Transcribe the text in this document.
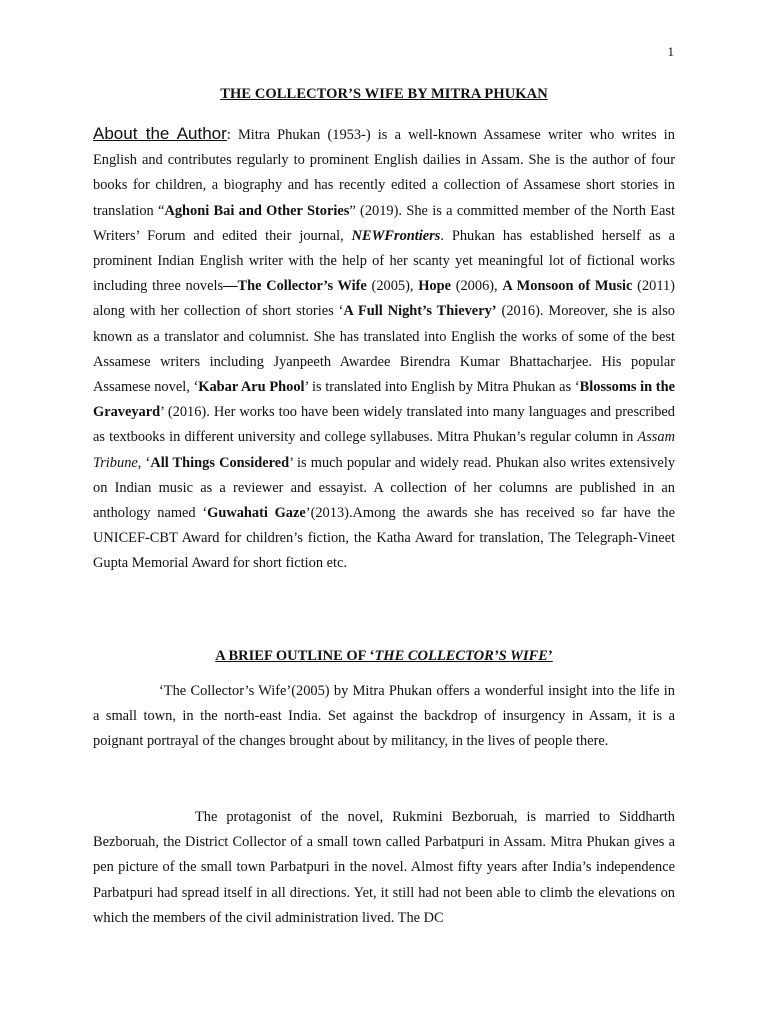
1
THE COLLECTOR’S WIFE BY MITRA PHUKAN

About the Author: Mitra Phukan (1953-) is a well-known Assamese writer who writes in English and contributes regularly to prominent English dailies in Assam. She is the author of four books for children, a biography and has recently edited a collection of Assamese short stories in translation “Aghoni Bai and Other Stories” (2019). She is a committed member of the North East Writers’ Forum and edited their journal, NEWFrontiers. Phukan has established herself as a prominent Indian English writer with the help of her scanty yet meaningful lot of fictional works including three novels—The Collector’s Wife (2005), Hope (2006), A Monsoon of Music (2011) along with her collection of short stories ‘A Full Night’s Thievery’ (2016). Moreover, she is also known as a translator and columnist. She has translated into English the works of some of the best Assamese writers including Jyanpeeth Awardee Birendra Kumar Bhattacharjee. His popular Assamese novel, ‘Kabar Aru Phool’ is translated into English by Mitra Phukan as ‘Blossoms in the Graveyard’ (2016). Her works too have been widely translated into many languages and prescribed as textbooks in different university and college syllabuses. Mitra Phukan’s regular column in Assam Tribune, ‘All Things Considered’ is much popular and widely read. Phukan also writes extensively on Indian music as a reviewer and essayist. A collection of her columns are published in an anthology named ‘Guwahati Gaze’(2013).Among the awards she has received so far have the UNICEF-CBT Award for children’s fiction, the Katha Award for translation, The Telegraph-Vineet Gupta Memorial Award for short fiction etc.

A BRIEF OUTLINE OF ‘THE COLLECTOR’S WIFE’

‘The Collector’s Wife’(2005) by Mitra Phukan offers a wonderful insight into the life in a small town, in the north-east India. Set against the backdrop of insurgency in Assam, it is a poignant portrayal of the changes brought about by militancy, in the lives of people there.

The protagonist of the novel, Rukmini Bezboruah, is married to Siddharth Bezboruah, the District Collector of a small town called Parbatpuri in Assam. Mitra Phukan gives a pen picture of the small town Parbatpuri in the novel. Almost fifty years after India’s independence Parbatpuri had spread itself in all directions. Yet, it still had not been able to climb the elevations on which the members of the civil administration lived. The DC
